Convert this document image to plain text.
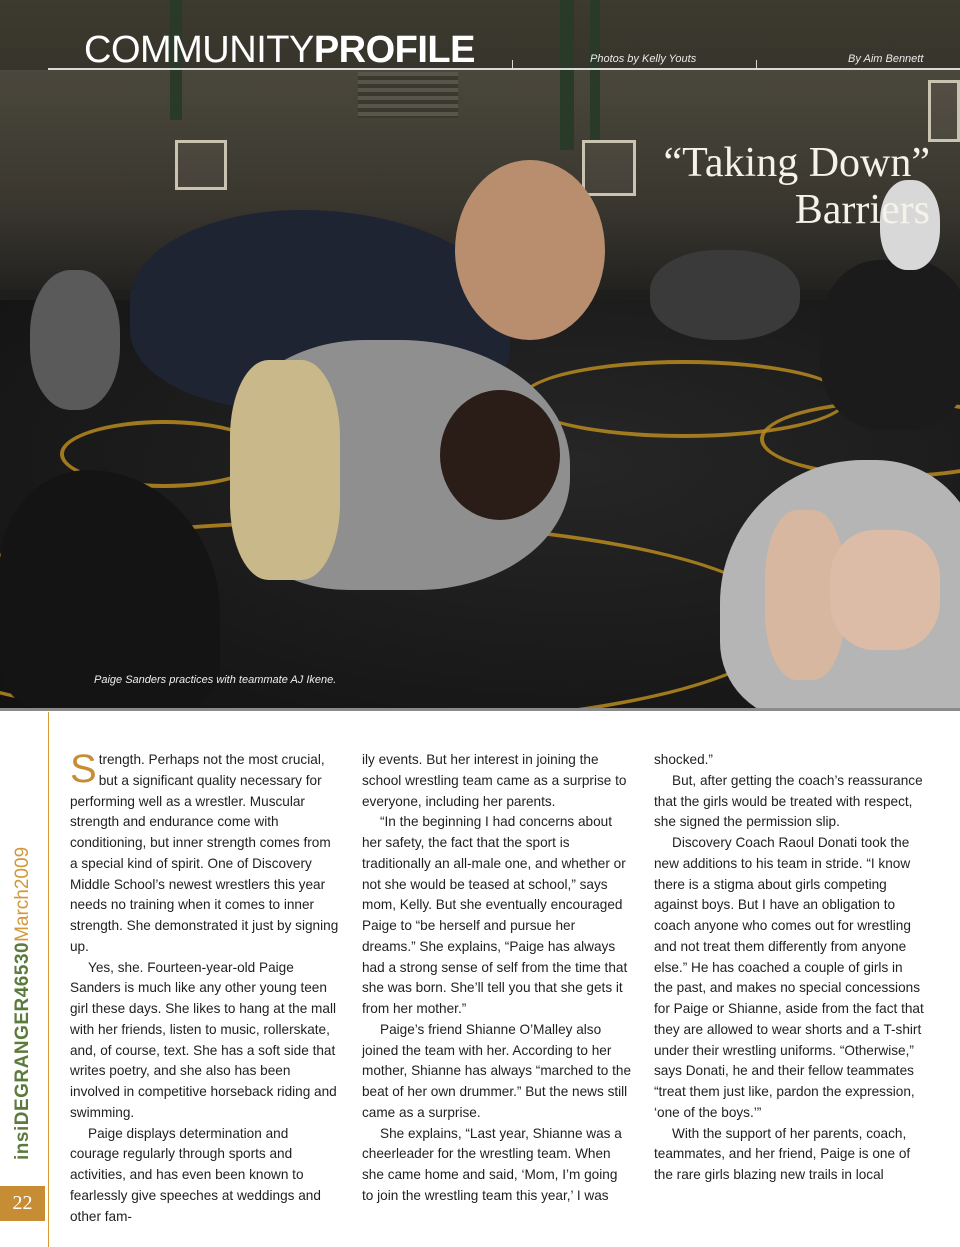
COMMUNITYPROFILE	Photos by Kelly Youts	By Aim Bennett
“Taking Down”
Barriers
Paige Sanders practices with teammate AJ Ikene.
insiDEGRANGER46530March2009
22

Strength. Perhaps not the most crucial, but a significant quality necessary for performing well as a wrestler. Muscular strength and endurance come with conditioning, but inner strength comes from a special kind of spirit. One of Discovery Middle School’s newest wrestlers this year needs no training when it comes to inner strength. She demonstrated it just by signing up.

Yes, she. Fourteen-year-old Paige Sanders is much like any other young teen girl these days. She likes to hang at the mall with her friends, listen to music, rollerskate, and, of course, text. She has a soft side that writes poetry, and she also has been involved in competitive horseback riding and swimming.

Paige displays determination and courage regularly through sports and activities, and has even been known to fearlessly give speeches at weddings and other fam-

ily events. But her interest in joining the school wrestling team came as a surprise to everyone, including her parents.

“In the beginning I had concerns about her safety, the fact that the sport is traditionally an all-male one, and whether or not she would be teased at school,” says mom, Kelly. But she eventually encouraged Paige to “be herself and pursue her dreams.” She explains, “Paige has always had a strong sense of self from the time that she was born. She’ll tell you that she gets it from her mother.”

Paige’s friend Shianne O’Malley also joined the team with her. According to her mother, Shianne has always “marched to the beat of her own drummer.” But the news still came as a surprise.

She explains, “Last year, Shianne was a cheerleader for the wrestling team. When she came home and said, ‘Mom, I’m going to join the wrestling team this year,’ I was

shocked.”

But, after getting the coach’s reassurance that the girls would be treated with respect, she signed the permission slip.

Discovery Coach Raoul Donati took the new additions to his team in stride. “I know there is a stigma about girls competing against boys. But I have an obligation to coach anyone who comes out for wrestling and not treat them differently from anyone else.” He has coached a couple of girls in the past, and makes no special concessions for Paige or Shianne, aside from the fact that they are allowed to wear shorts and a T-shirt under their wrestling uniforms. “Otherwise,” says Donati, he and their fellow teammates “treat them just like, pardon the expression, ‘one of the boys.’”

With the support of her parents, coach, teammates, and her friend, Paige is one of the rare girls blazing new trails in local
